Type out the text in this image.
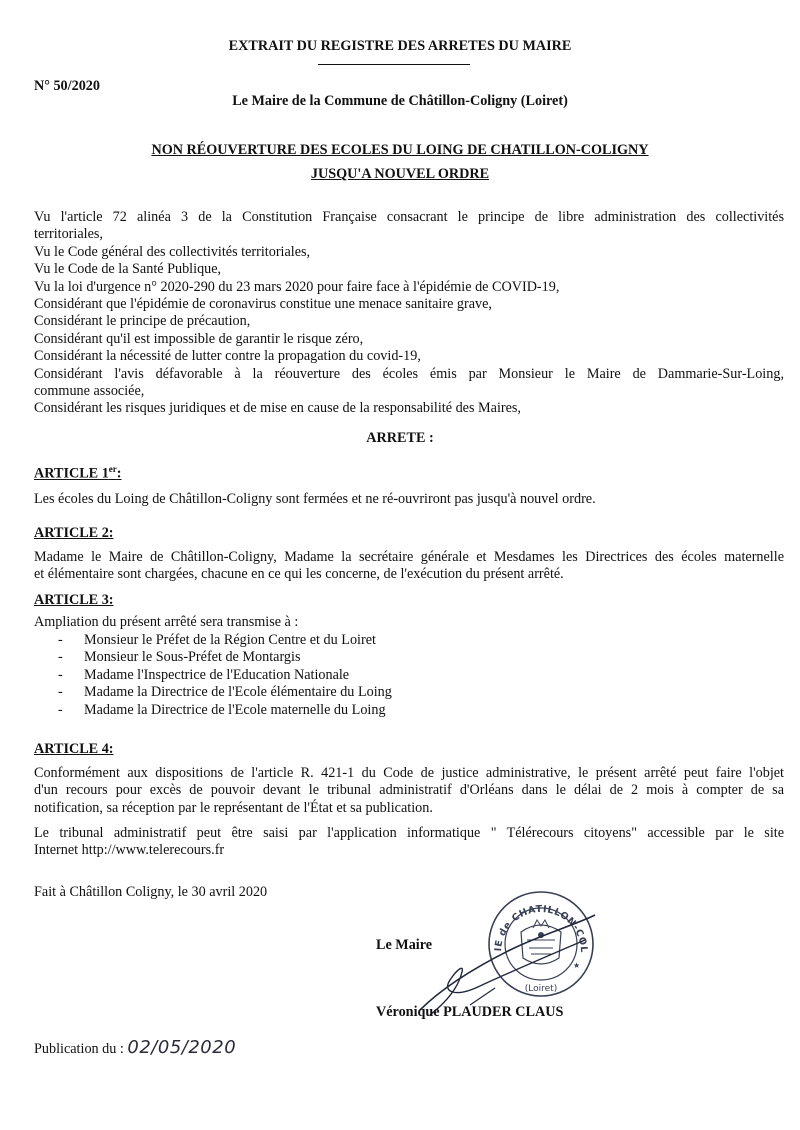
EXTRAIT DU REGISTRE DES ARRETES DU MAIRE
N° 50/2020
Le Maire de la Commune de Châtillon-Coligny (Loiret)
NON RÉOUVERTURE DES ECOLES DU LOING DE CHATILLON-COLIGNY
JUSQU'A NOUVEL ORDRE
Vu l'article 72 alinéa 3 de la Constitution Française consacrant le principe de libre administration des collectivités
territoriales,
Vu le Code général des collectivités territoriales,
Vu le Code de la Santé Publique,
Vu la loi d'urgence n° 2020-290 du 23 mars 2020 pour faire face à l'épidémie de COVID-19,
Considérant que l'épidémie de coronavirus constitue une menace sanitaire grave,
Considérant le principe de précaution,
Considérant qu'il est impossible de garantir le risque zéro,
Considérant la nécessité de lutter contre la propagation du covid-19,
Considérant l'avis défavorable à la réouverture des écoles émis par Monsieur le Maire de Dammarie-Sur-Loing,
commune associée,
Considérant les risques juridiques et de mise en cause de la responsabilité des Maires,
ARRETE :
ARTICLE 1er:
Les écoles du Loing de Châtillon-Coligny sont fermées et ne ré-ouvriront pas jusqu'à nouvel ordre.
ARTICLE 2:
Madame le Maire de Châtillon-Coligny, Madame la secrétaire générale et Mesdames les Directrices des écoles maternelle
et élémentaire sont chargées, chacune en ce qui les concerne, de l'exécution du présent arrêté.
ARTICLE 3:
Ampliation du présent arrêté sera transmise à :
- Monsieur le Préfet de la Région Centre et du Loiret
- Monsieur le Sous-Préfet de Montargis
- Madame l'Inspectrice de l'Education Nationale
- Madame la Directrice de l'Ecole élémentaire du Loing
- Madame la Directrice de l'Ecole maternelle du Loing
ARTICLE 4:
Conformément aux dispositions de l'article R. 421-1 du Code de justice administrative, le présent arrêté peut faire l'objet
d'un recours pour excès de pouvoir devant le tribunal administratif d'Orléans dans le délai de 2 mois à compter de sa
notification, sa réception par le représentant de l'État et sa publication.
Le tribunal administratif peut être saisi par l'application informatique " Télérecours citoyens" accessible par le site
Internet http://www.telerecours.fr
Fait à Châtillon Coligny, le 30 avril 2020
IE de CHATILLON-COL
(Loiret)
★
Le Maire
Véronique PLAUDER CLAUS
Publication du : 02/05/2020
